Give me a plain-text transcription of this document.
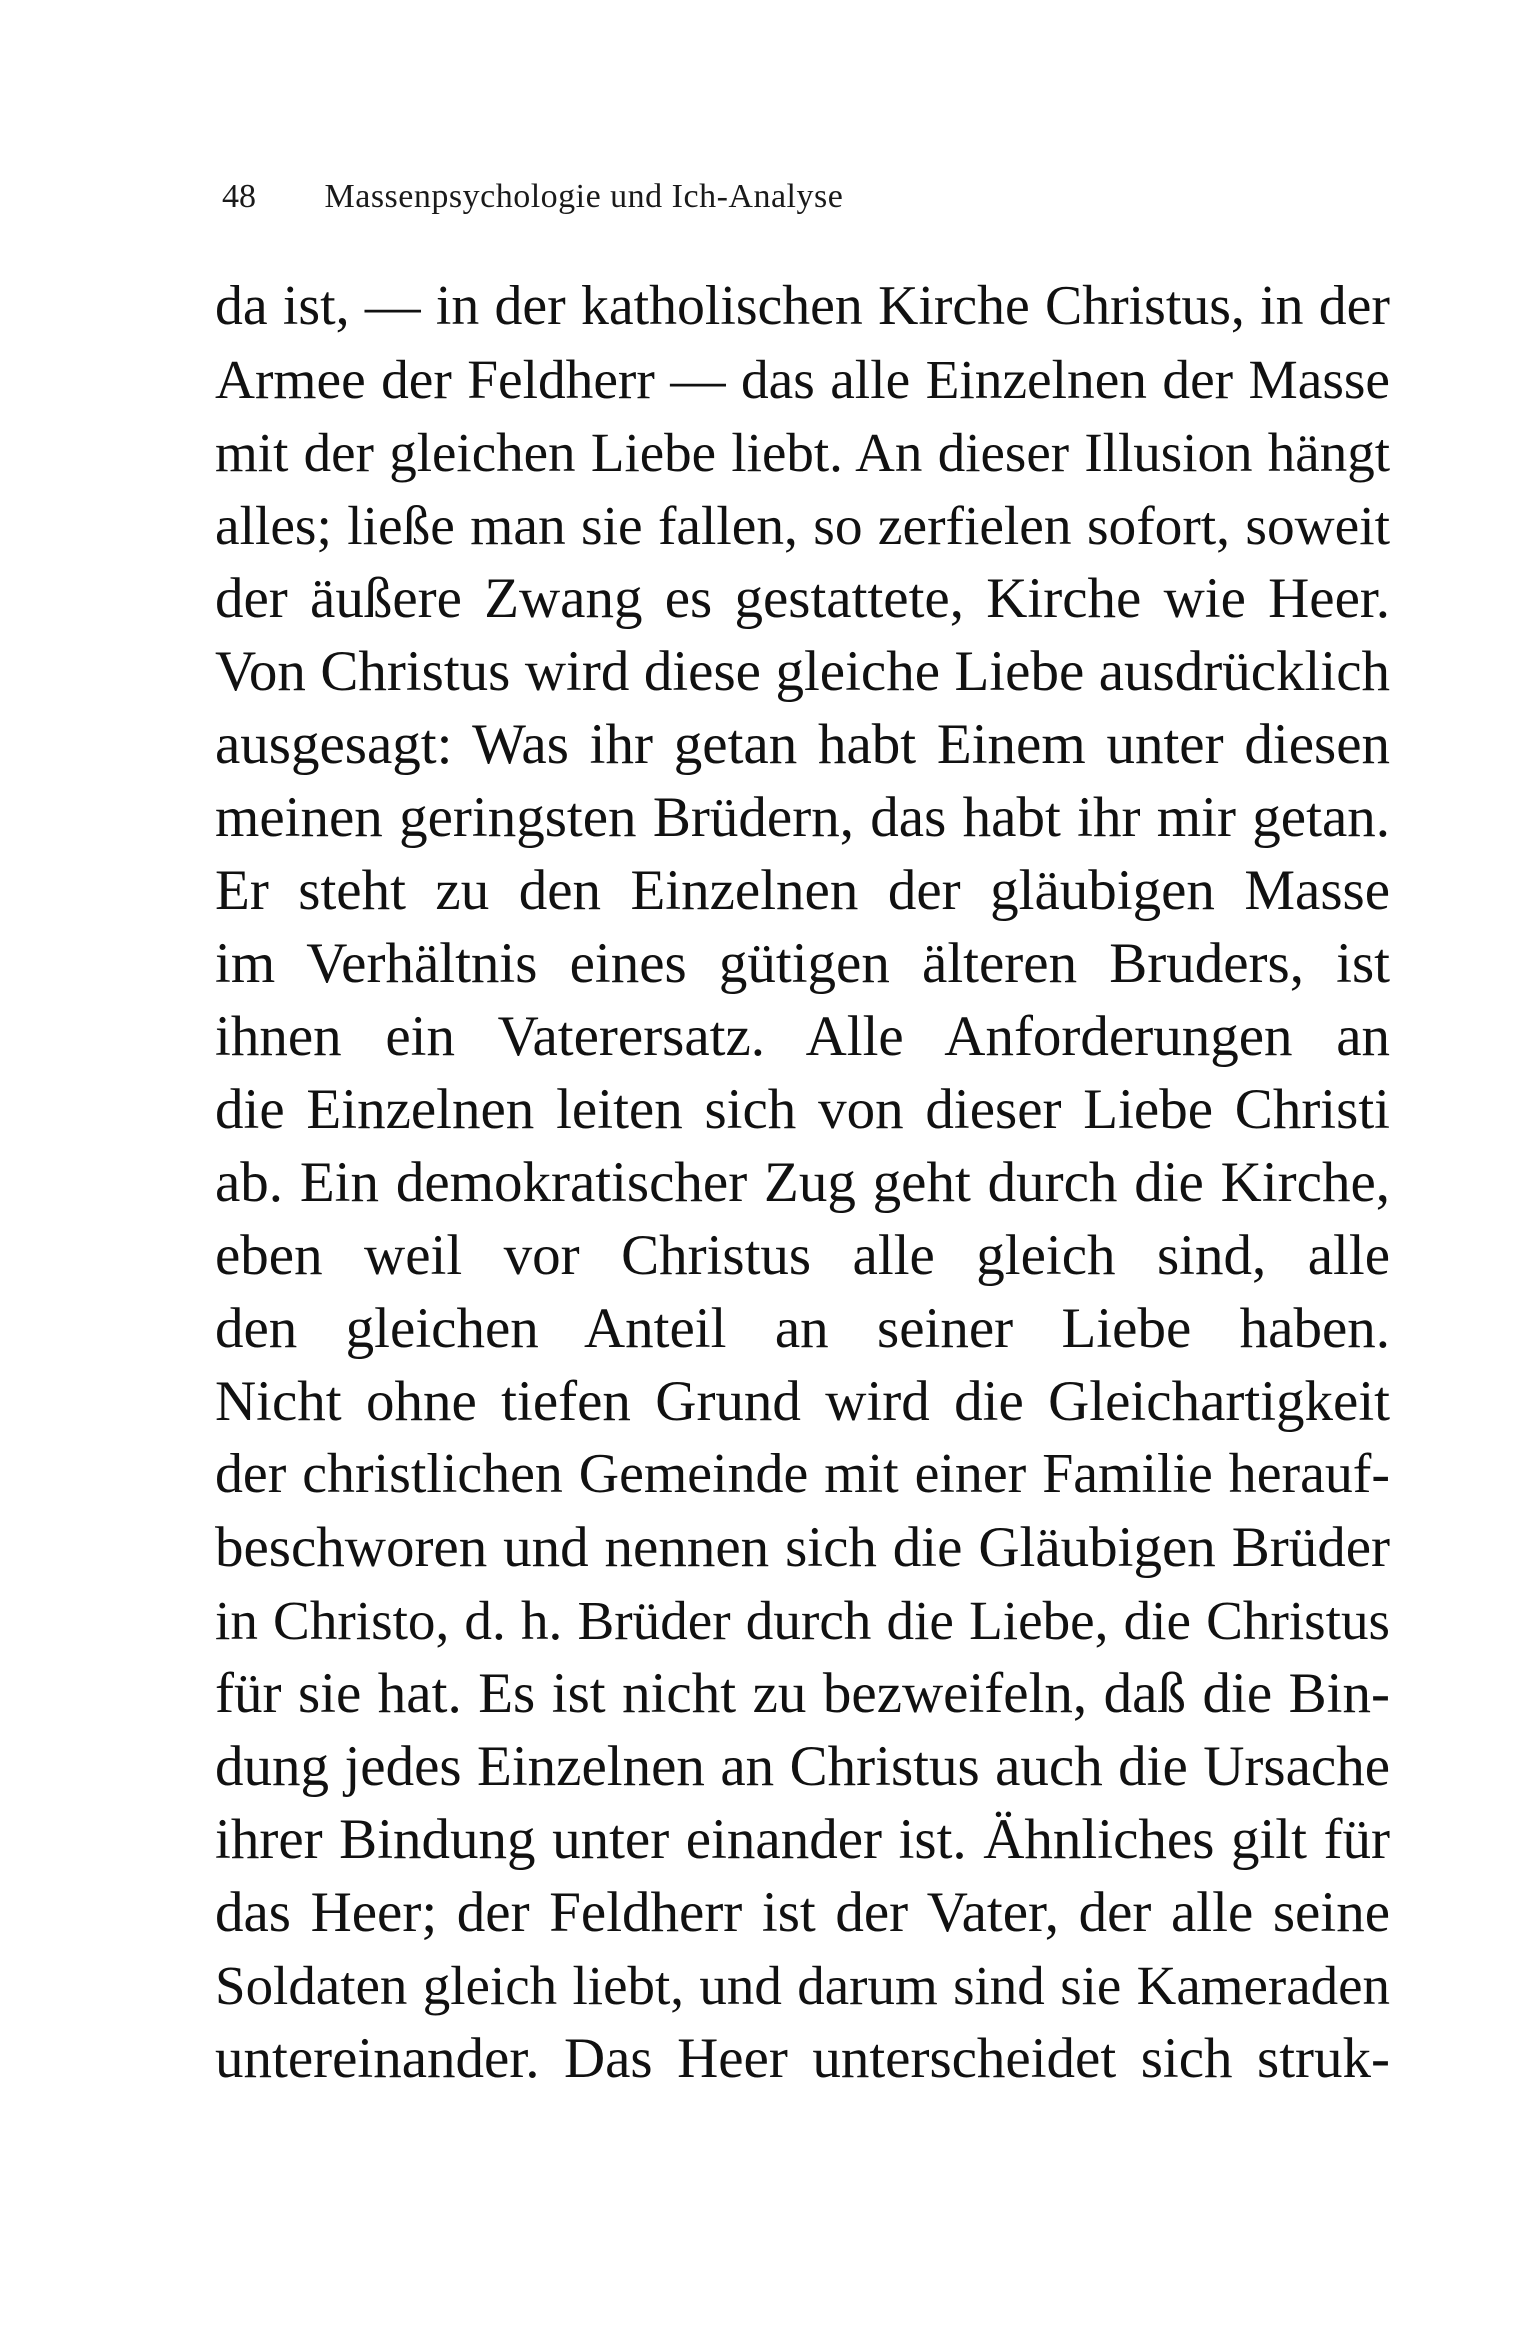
48 Massenpsychologie und Ich-Analyse
da ist, — in der katholischen Kirche Christus, in der
Armee der Feldherr — das alle Einzelnen der Masse
mit der gleichen Liebe liebt. An dieser Illusion hängt
alles; ließe man sie fallen, so zerfielen sofort, soweit
der äußere Zwang es gestattete, Kirche wie Heer.
Von Christus wird diese gleiche Liebe ausdrücklich
ausgesagt: Was ihr getan habt Einem unter diesen
meinen geringsten Brüdern, das habt ihr mir getan.
Er steht zu den Einzelnen der gläubigen Masse
im Verhältnis eines gütigen älteren Bruders, ist
ihnen ein Vaterersatz. Alle Anforderungen an
die Einzelnen leiten sich von dieser Liebe Christi
ab. Ein demokratischer Zug geht durch die Kirche,
eben weil vor Christus alle gleich sind, alle
den gleichen Anteil an seiner Liebe haben.
Nicht ohne tiefen Grund wird die Gleichartigkeit
der christlichen Gemeinde mit einer Familie herauf-
beschworen und nennen sich die Gläubigen Brüder
in Christo, d. h. Brüder durch die Liebe, die Christus
für sie hat. Es ist nicht zu bezweifeln, daß die Bin-
dung jedes Einzelnen an Christus auch die Ursache
ihrer Bindung unter einander ist. Ähnliches gilt für
das Heer; der Feldherr ist der Vater, der alle seine
Soldaten gleich liebt, und darum sind sie Kameraden
untereinander. Das Heer unterscheidet sich struk-
